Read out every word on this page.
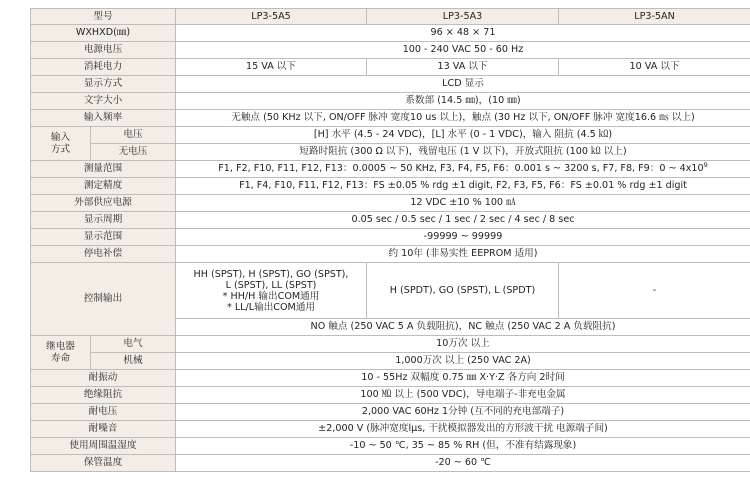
型号		LP3-5A5	LP3-5A3	LP3-5AN
WXHXD(㎜)		96 × 48 × 71		
电源电压		100 - 240 VAC 50 - 60 Hz		
消耗电力		15 VA 以下	13 VA 以下	10 VA 以下
显示方式		LCD 显示		
文字大小		系数部 (14.5 ㎜)，(10 ㎜)		
输入频率		无触点 (50 KHz 以下, ON/OFF 脉冲 宽度10 us 以上)，触点 (30 Hz 以下, ON/OFF 脉冲 宽度16.6 ㎳ 以上)		
输入
方式	电压	[H] 水平 (4.5 - 24 VDC)，[L] 水平 (0 - 1 VDC)，输入 阻抗 (4.5 ㏀)		
	无电压	短路时阻抗 (300 Ω 以下)，残留电压 (1 V 以下)，开放式阻抗 (100 ㏀ 以上)		
测量范围		F1, F2, F10, F11, F12, F13：0.0005 ~ 50 KHz, F3, F4, F5, F6：0.001 s ~ 3200 s, F7, F8, F9：0 ~ $4x10^9$
测定精度		F1, F4, F10, F11, F12, F13：FS ±0.05 % rdg ±1 digit, F2, F3, F5, F6：FS ±0.01 % rdg ±1 digit		
外部供应电源		12 VDC ±10 % 100 ㎃		
显示周期		0.05 sec / 0.5 sec / 1 sec / 2 sec / 4 sec / 8 sec		
显示范围		-99999 ~ 99999		
停电补偿		约 10年 (非易实性 EEPROM 适用)		
控制输出		HH (SPST), H (SPST), GO (SPST),
L (SPST), LL (SPST)
* HH/H 输出COM通用
* LL/L输出COM通用	H (SPDT), GO (SPST), L (SPDT)	-
		NO 触点 (250 VAC 5 A 负载阻抗)，NC 触点 (250 VAC 2 A 负载阻抗)		
继电器
寿命	电气	10万次 以上		
	机械	1,000万次 以上 (250 VAC 2A)		
耐振动		10 - 55Hz 双幅度 0.75 ㎜ X·Y·Z 各方向 2时间		
绝缘阻抗		100 ㏁ 以上 (500 VDC)，导电端子-非充电金属		
耐电压		2,000 VAC 60Hz 1分钟 (互不同的充电部端子)		
耐噪音		±2,000 V (脉冲宽度lμs, 干扰模拟器发出的方形波干扰 电源端子间)		
使用周围温湿度		-10 ~ 50 ℃, 35 ~ 85 % RH (但，不准有结露现象)		
保管温度		-20 ~ 60 ℃		
